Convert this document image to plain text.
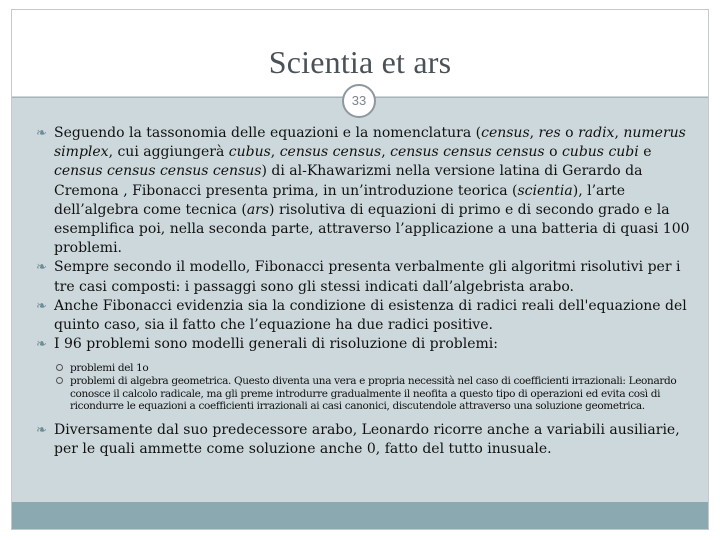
Scientia et ars
33

❧ Seguendo la tassonomia delle equazioni e la nomenclatura (census, res o radix, numerus simplex, cui aggiungerà cubus, census census, census census census o cubus cubi e census census census census) di al-Khawarizmi nella versione latina di Gerardo da Cremona , Fibonacci presenta prima, in un’introduzione teorica (scientia), l’arte dell’algebra come tecnica (ars) risolutiva di equazioni di primo e di secondo grado e la esemplifica poi, nella seconda parte, attraverso l’applicazione a una batteria di quasi 100 problemi.

❧ Sempre secondo il modello, Fibonacci presenta verbalmente gli algoritmi risolutivi per i tre casi composti: i passaggi sono gli stessi indicati dall’algebrista arabo.

❧ Anche Fibonacci evidenzia sia la condizione di esistenza di radici reali dell'equazione del quinto caso, sia il fatto che l’equazione ha due radici positive.

❧ I 96 problemi sono modelli generali di risoluzione di problemi:

problemi del 1o

problemi di algebra geometrica. Questo diventa una vera e propria necessità nel caso di coefficienti irrazionali: Leonardo conosce il calcolo radicale, ma gli preme introdurre gradualmente il neofita a questo tipo di operazioni ed evita così di ricondurre le equazioni a coefficienti irrazionali ai casi canonici, discutendole attraverso una soluzione geometrica.

❧ Diversamente dal suo predecessore arabo, Leonardo ricorre anche a variabili ausiliarie, per le quali ammette come soluzione anche 0, fatto del tutto inusuale.
